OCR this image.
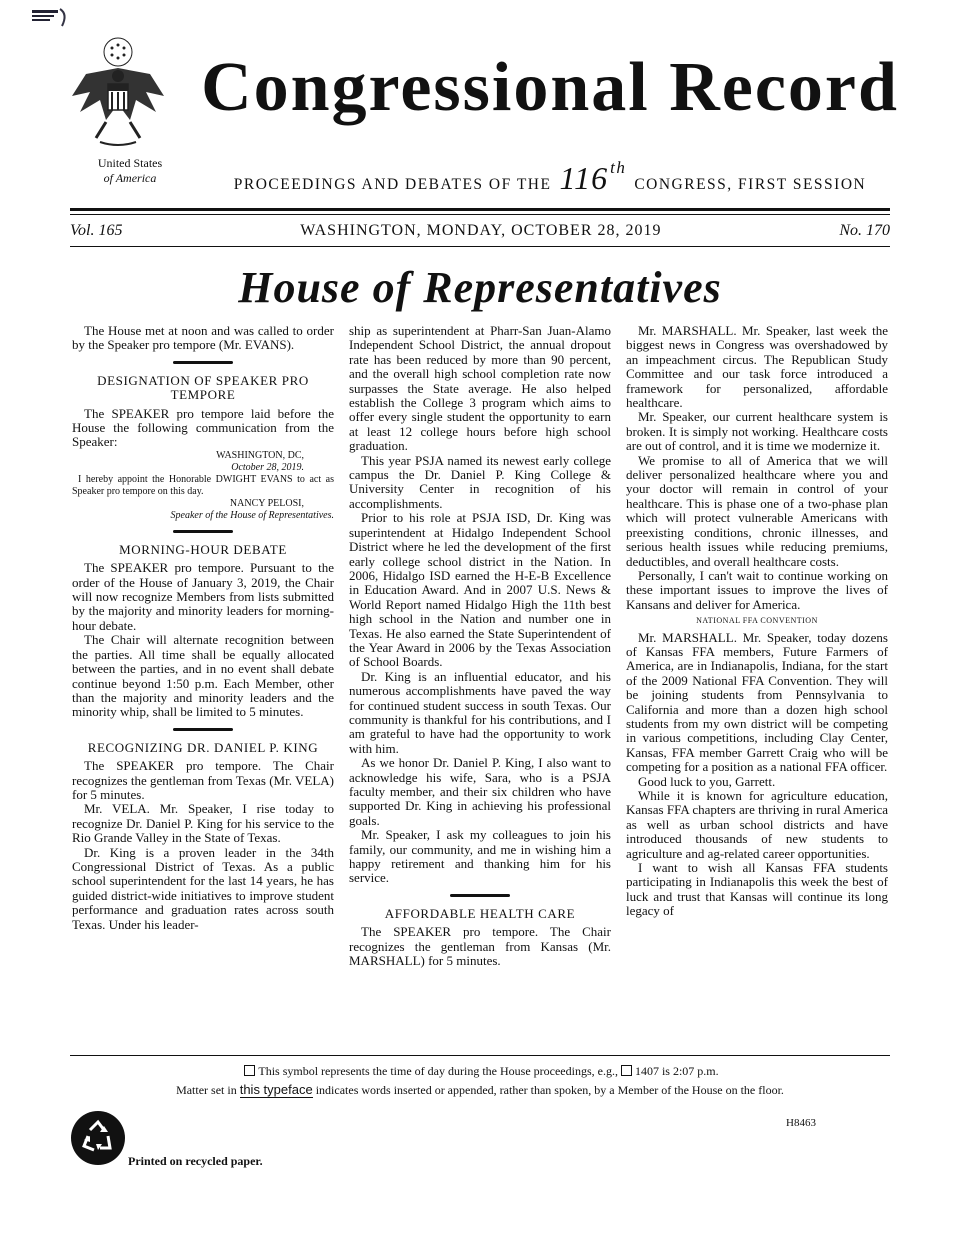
United States
of America
Congressional Record
PROCEEDINGS AND DEBATES OF THE 116 th
CONGRESS, FIRST SESSION
Vol. 165	WASHINGTON, MONDAY, OCTOBER 28, 2019	No. 170
House of Representatives

The House met at noon and was called to order by the Speaker pro tempore (Mr. EVANS).

DESIGNATION OF SPEAKER PRO TEMPORE

The SPEAKER pro tempore laid before the House the following communication from the Speaker:

WASHINGTON, DC,

October 28, 2019.

I hereby appoint the Honorable DWIGHT EVANS to act as Speaker pro tempore on this day.

NANCY PELOSI,

Speaker of the House of Representatives.

MORNING-HOUR DEBATE

The SPEAKER pro tempore. Pursuant to the order of the House of January 3, 2019, the Chair will now recognize Members from lists submitted by the majority and minority leaders for morning-hour debate.

The Chair will alternate recognition between the parties. All time shall be equally allocated between the parties, and in no event shall debate continue beyond 1:50 p.m. Each Member, other than the majority and minority leaders and the minority whip, shall be limited to 5 minutes.

RECOGNIZING DR. DANIEL P. KING

The SPEAKER pro tempore. The Chair recognizes the gentleman from Texas (Mr. VELA) for 5 minutes.

Mr. VELA. Mr. Speaker, I rise today to recognize Dr. Daniel P. King for his service to the Rio Grande Valley in the State of Texas.

Dr. King is a proven leader in the 34th Congressional District of Texas. As a public school superintendent for the last 14 years, he has guided district-wide initiatives to improve student performance and graduation rates across south Texas. Under his leader-

ship as superintendent at Pharr-San Juan-Alamo Independent School District, the annual dropout rate has been reduced by more than 90 percent, and the overall high school completion rate now surpasses the State average. He also helped establish the College 3 program which aims to offer every single student the opportunity to earn at least 12 college hours before high school graduation.

This year PSJA named its newest early college campus the Dr. Daniel P. King College & University Center in recognition of his accomplishments.

Prior to his role at PSJA ISD, Dr. King was superintendent at Hidalgo Independent School District where he led the development of the first early college school district in the Nation. In 2006, Hidalgo ISD earned the H-E-B Excellence in Education Award. And in 2007 U.S. News & World Report named Hidalgo High the 11th best high school in the Nation and number one in Texas. He also earned the State Superintendent of the Year Award in 2006 by the Texas Association of School Boards.

Dr. King is an influential educator, and his numerous accomplishments have paved the way for continued student success in south Texas. Our community is thankful for his contributions, and I am grateful to have had the opportunity to work with him.

As we honor Dr. Daniel P. King, I also want to acknowledge his wife, Sara, who is a PSJA faculty member, and their six children who have supported Dr. King in achieving his professional goals.

Mr. Speaker, I ask my colleagues to join his family, our community, and me in wishing him a happy retirement and thanking him for his service.

AFFORDABLE HEALTH CARE

The SPEAKER pro tempore. The Chair recognizes the gentleman from Kansas (Mr. MARSHALL) for 5 minutes.

Mr. MARSHALL. Mr. Speaker, last week the biggest news in Congress was overshadowed by an impeachment circus. The Republican Study Committee and our task force introduced a framework for personalized, affordable healthcare.

Mr. Speaker, our current healthcare system is broken. It is simply not working. Healthcare costs are out of control, and it is time we modernize it.

We promise to all of America that we will deliver personalized healthcare where you and your doctor will remain in control of your healthcare. This is phase one of a two-phase plan which will protect vulnerable Americans with preexisting conditions, chronic illnesses, and serious health issues while reducing premiums, deductibles, and overall healthcare costs.

Personally, I can't wait to continue working on these important issues to improve the lives of Kansans and deliver for America.

NATIONAL FFA CONVENTION

Mr. MARSHALL. Mr. Speaker, today dozens of Kansas FFA members, Future Farmers of America, are in Indianapolis, Indiana, for the start of the 2009 National FFA Convention. They will be joining students from Pennsylvania to California and more than a dozen high school students from my own district will be competing in various competitions, including Clay Center, Kansas, FFA member Garrett Craig who will be competing for a position as a national FFA officer.

Good luck to you, Garrett.

While it is known for agriculture education, Kansas FFA chapters are thriving in rural America as well as urban school districts and have introduced thousands of new students to agriculture and ag-related career opportunities.

I want to wish all Kansas FFA students participating in Indianapolis this week the best of luck and trust that Kansas will continue its long legacy of

This symbol represents the time of day during the House proceedings, e.g., 1407 is 2:07 p.m.
Matter set in this typeface indicates words inserted or appended, rather than spoken, by a Member of the House on the floor.
H8463
Printed on recycled paper.
